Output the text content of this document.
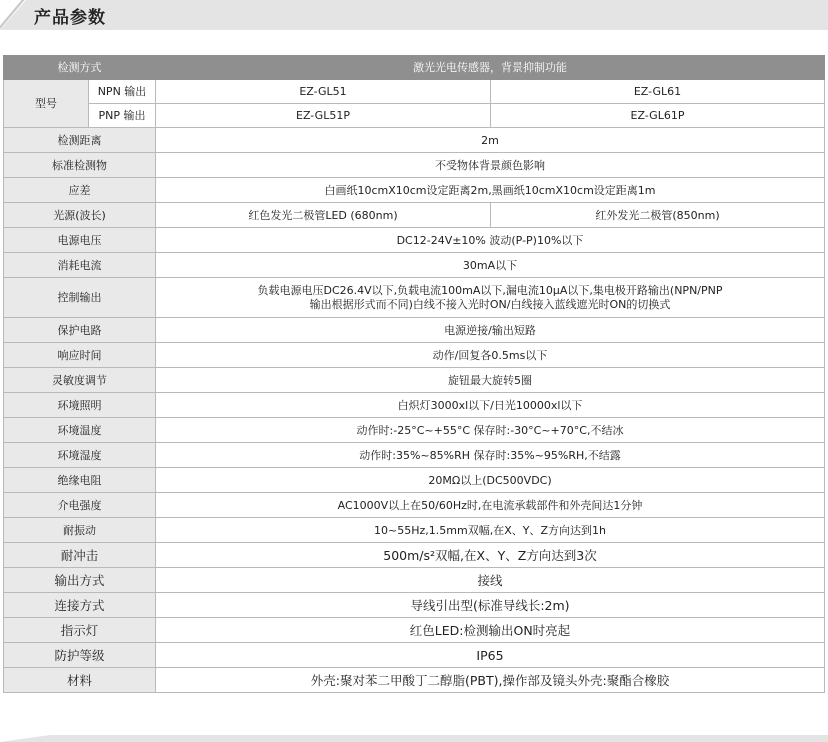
产品参数
检测方式		激光光电传感器，背景抑制功能	
型号	NPN 输出	EZ-GL51	EZ-GL61
	PNP 输出	EZ-GL51P	EZ-GL61P
检测距离		2m	
标准检测物		不受物体背景颜色影响	
应差		白画纸10cmX10cm设定距离2m,黑画纸10cmX10cm设定距离1m	
光源(波长)		红色发光二极管LED (680nm)	红外发光二极管(850nm)
电源电压		DC12-24V±10% 波动(P-P)10%以下	
消耗电流		30mA以下	
控制输出		负载电源电压DC26.4V以下,负载电流100mA以下,漏电流10μA以下,集电极开路输出(NPN/PNP
输出根据形式而不同)白线不接入光时ON/白线接入蓝线遮光时ON的切换式	

保护电路		电源逆接/输出短路	
响应时间		动作/回复各0.5ms以下	
灵敏度调节		旋钮最大旋转5圈	
环境照明		白炽灯3000xl以下/日光10000xl以下	
环境温度		动作时:-25°C~+55°C 保存时:-30°C~+70°C,不结冰	
环境湿度		动作时:35%~85%RH 保存时:35%~95%RH,不结露	
绝缘电阻		20MΩ以上(DC500VDC)	
介电强度		AC1000V以上在50/60Hz时,在电流承载部件和外壳间达1分钟	
耐振动		10~55Hz,1.5mm双幅,在X、Y、Z方向达到1h	
耐冲击		500m/s²双幅,在X、Y、Z方向达到3次	
输出方式		接线	
连接方式		导线引出型(标准导线长:2m)	
指示灯		红色LED:检测输出ON时亮起	
防护等级		IP65	
材料		外壳:聚对苯二甲酸丁二醇脂(PBT),操作部及镜头外壳:聚酯合橡胶	
